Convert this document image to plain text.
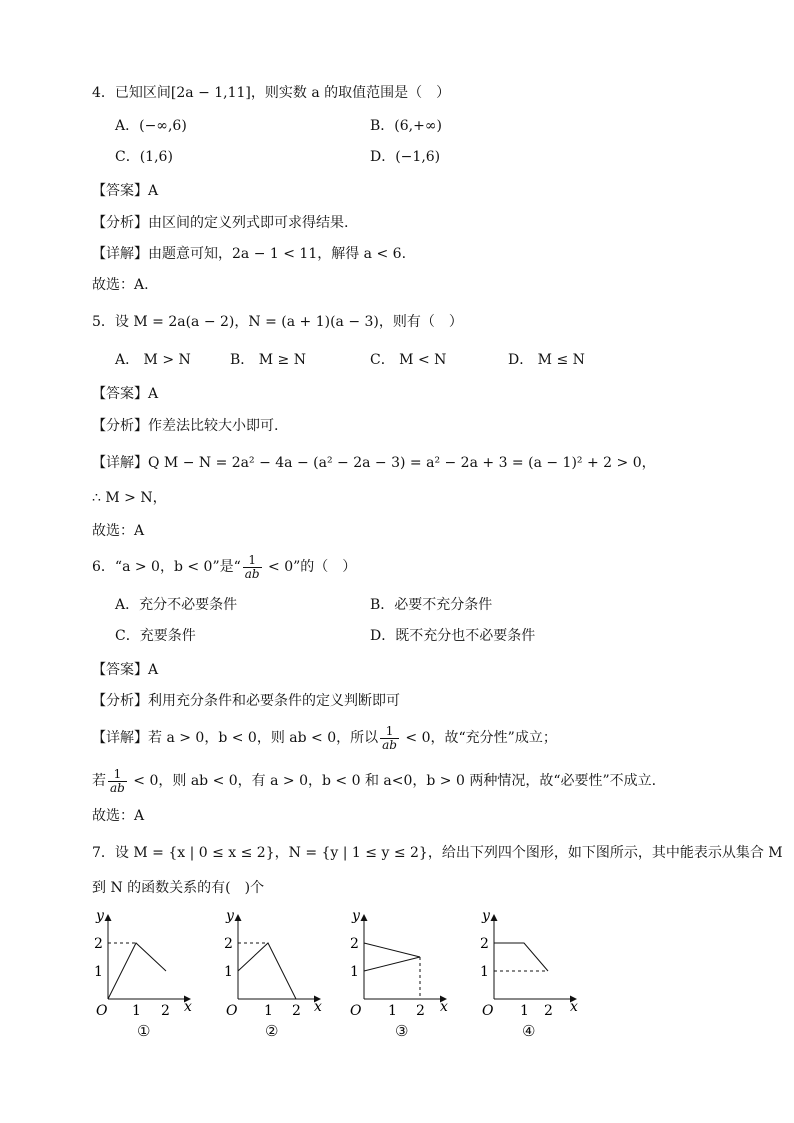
4．已知区间[2a − 1,11]，则实数 a 的取值范围是（　）
A．(−∞,6)	B．(6,+∞)
C．(1,6)	D．(−1,6)
【答案】A
【分析】由区间的定义列式即可求得结果.
【详解】由题意可知，2a − 1 < 11，解得 a < 6.
故选：A.
5．设 M = 2a(a − 2)，N = (a + 1)(a − 3)，则有（　）
A． M > N	B． M ≥ N	C． M < N	D． M ≤ N
【答案】A
【分析】作差法比较大小即可.
【详解】Q M − N = 2a² − 4a − (a² − 2a − 3) = a² − 2a + 3 = (a − 1)² + 2 > 0，
∴ M > N，
故选：A
6．“a > 0，b < 0”是“ $\frac{1}{ab} < 0$”的（　）
A．充分不必要条件	B．必要不充分条件
C．充要条件	D．既不充分也不必要条件
【答案】A
【分析】利用充分条件和必要条件的定义判断即可
【详解】若 a > 0，b < 0，则 ab < 0，所以 $\frac{1}{ab} < 0$，故“充分性”成立；
若 $\frac{1}{ab} < 0$，则 ab < 0，有 a > 0，b < 0 和 a<0，b > 0 两种情况，故“必要性”不成立.
故选：A
7．设 M = {x | 0 ≤ x ≤ 2}，N = {y | 1 ≤ y ≤ 2}，给出下列四个图形，如下图所示，其中能表示从集合 M
到 N 的函数关系的有(　)个
y
x
O
2
1
1 2
y
x
O
2
1
1 2
y
x
O
2
1
1 2
y
x
O
2
1
1 2
①	②	③	④
